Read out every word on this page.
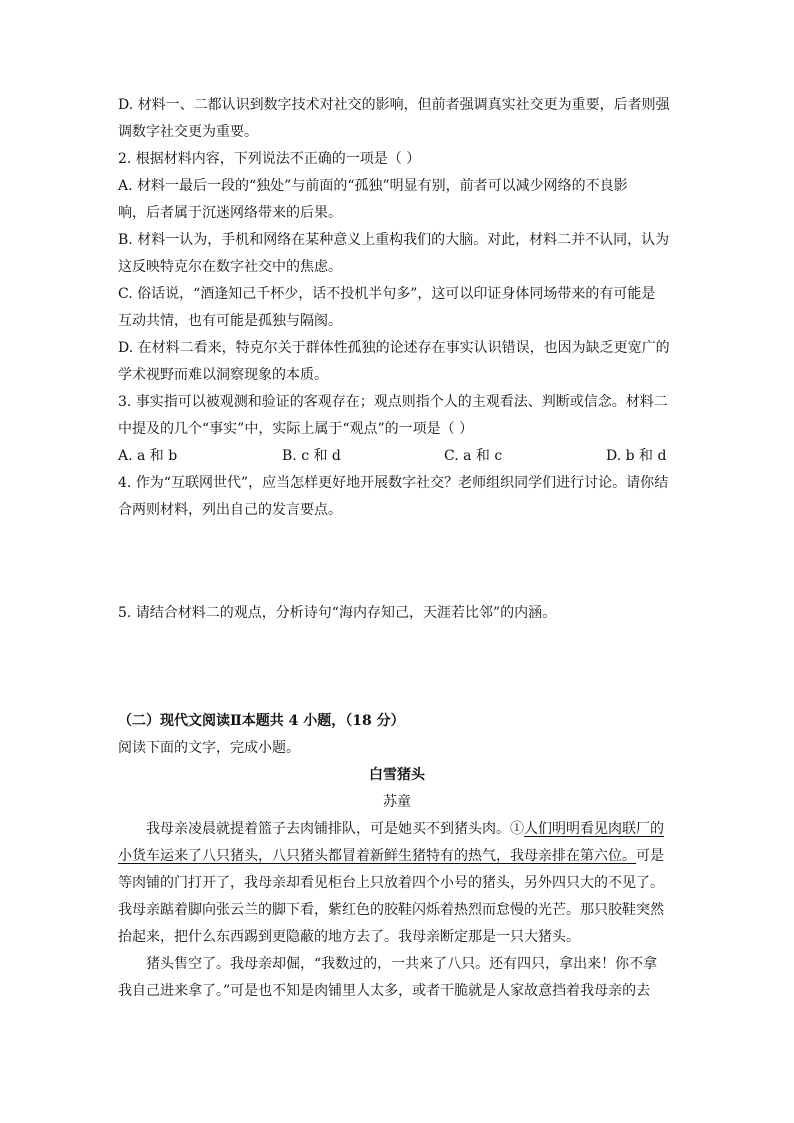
D. 材料一、二都认识到数字技术对社交的影响，但前者强调真实社交更为重要，后者则强
调数字社交更为重要。
2. 根据材料内容，下列说法不正确的一项是（ ）
A. 材料一最后一段的“独处”与前面的“孤独”明显有别，前者可以减少网络的不良影
响，后者属于沉迷网络带来的后果。
B. 材料一认为，手机和网络在某种意义上重构我们的大脑。对此，材料二并不认同，认为
这反映特克尔在数字社交中的焦虑。
C. 俗话说，“酒逢知己千杯少，话不投机半句多”，这可以印证身体同场带来的有可能是
互动共情，也有可能是孤独与隔阂。
D. 在材料二看来，特克尔关于群体性孤独的论述存在事实认识错误，也因为缺乏更宽广的
学术视野而难以洞察现象的本质。
3. 事实指可以被观测和验证的客观存在；观点则指个人的主观看法、判断或信念。材料二
中提及的几个“事实”中，实际上属于“观点”的一项是（ ）
A. a 和 b	B. c 和 d	C. a 和 c	D. b 和 d
4. 作为“互联网世代”，应当怎样更好地开展数字社交？老师组织同学们进行讨论。请你结
合两则材料，列出自己的发言要点。
5. 请结合材料二的观点，分析诗句“海内存知己，天涯若比邻”的内涵。
（二）现代文阅读Ⅱ本题共 4 小题，（18 分）
阅读下面的文字，完成小题。
白雪猪头
苏童
我母亲凌晨就提着篮子去肉铺排队，可是她买不到猪头肉。①人们明明看见肉联厂的
小货车运来了八只猪头，八只猪头都冒着新鲜生猪特有的热气，我母亲排在第六位。可是
等肉铺的门打开了，我母亲却看见柜台上只放着四个小号的猪头，另外四只大的不见了。
我母亲踮着脚向张云兰的脚下看，紫红色的胶鞋闪烁着热烈而怠慢的光芒。那只胶鞋突然
抬起来，把什么东西踢到更隐蔽的地方去了。我母亲断定那是一只大猪头。
猪头售空了。我母亲却倔，“我数过的，一共来了八只。还有四只，拿出来！你不拿
我自己进来拿了。”可是也不知是肉铺里人太多，或者干脆就是人家故意挡着我母亲的去
